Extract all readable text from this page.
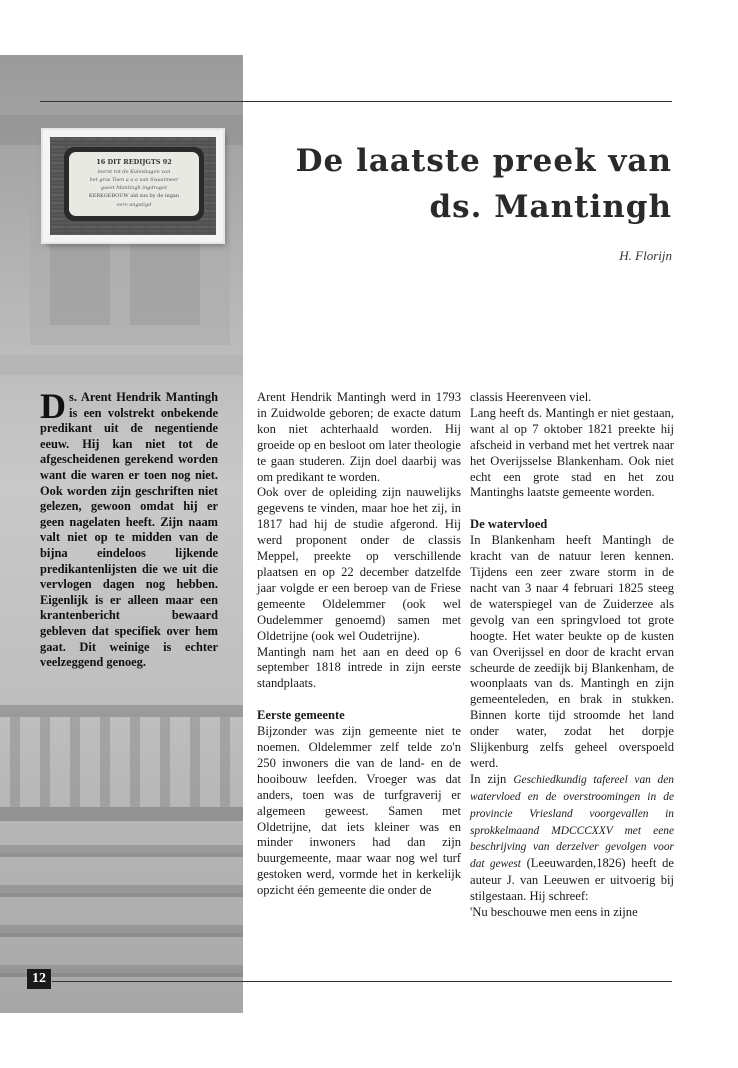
16 DIT REDIJGTS 92
leerst tot de Kulesbagen van
het gras Taen a a a van Swaaimeer
gaest Mantingh ingdraget
KERKGEBOUW ald sus by de ingan
verv angstigd
De laatste preek van
ds. Mantingh
H. Florijn

Ds. Arent Hendrik Mantingh is een volstrekt onbekende predikant uit de negentiende eeuw. Hij kan niet tot de afgescheidenen gerekend worden want die waren er toen nog niet. Ook worden zijn geschriften niet gelezen, gewoon omdat hij er geen nagelaten heeft. Zijn naam valt niet op te midden van de bijna eindeloos lijkende predikantenlijsten die we uit die vervlogen dagen nog hebben. Eigenlijk is er alleen maar een krantenbericht bewaard gebleven dat specifiek over hem gaat. Dit weinige is echter veelzeggend genoeg.

Arent Hendrik Mantingh werd in 1793 in Zuidwolde geboren; de exacte datum kon niet achterhaald worden. Hij groeide op en besloot om later theologie te gaan studeren. Zijn doel daarbij was om predikant te worden.

Ook over de opleiding zijn nauwelijks gegevens te vinden, maar hoe het zij, in 1817 had hij de studie afgerond. Hij werd proponent onder de classis Meppel, preekte op verschillende plaatsen en op 22 december datzelfde jaar volgde er een beroep van de Friese gemeente Oldelemmer (ook wel Oudelemmer genoemd) samen met Oldetrijne (ook wel Oudetrijne).

Mantingh nam het aan en deed op 6 september 1818 intrede in zijn eerste standplaats.

Eerste gemeente

Bijzonder was zijn gemeente niet te noemen. Oldelemmer zelf telde zo'n 250 inwoners die van de land- en de hooibouw leefden. Vroeger was dat anders, toen was de turfgraverij er algemeen geweest. Samen met Oldetrijne, dat iets kleiner was en minder inwoners had dan zijn buurgemeente, maar waar nog wel turf gestoken werd, vormde het in kerkelijk opzicht één gemeente die onder de

classis Heerenveen viel.

Lang heeft ds. Mantingh er niet gestaan, want al op 7 oktober 1821 preekte hij afscheid in verband met het vertrek naar het Overijsselse Blankenham. Ook niet echt een grote stad en het zou Mantinghs laatste gemeente worden.

De watervloed

In Blankenham heeft Mantingh de kracht van de natuur leren kennen. Tijdens een zeer zware storm in de nacht van 3 naar 4 februari 1825 steeg de waterspiegel van de Zuiderzee als gevolg van een springvloed tot grote hoogte. Het water beukte op de kusten van Overijssel en door de kracht ervan scheurde de zeedijk bij Blankenham, de woonplaats van ds. Mantingh en zijn gemeenteleden, en brak in stukken. Binnen korte tijd stroomde het land onder water, zodat het dorpje Slijkenburg zelfs geheel overspoeld werd.

In zijn Geschiedkundig tafereel van den watervloed en de overstroomingen in de provincie Vriesland voorgevallen in sprokkelmaand MDCCCXXV met eene beschrijving van derzelver gevolgen voor dat gewest (Leeuwarden,1826) heeft de auteur J. van Leeuwen er uitvoerig bij stilgestaan. Hij schreef:

'Nu beschouwe men eens in zijne

12
